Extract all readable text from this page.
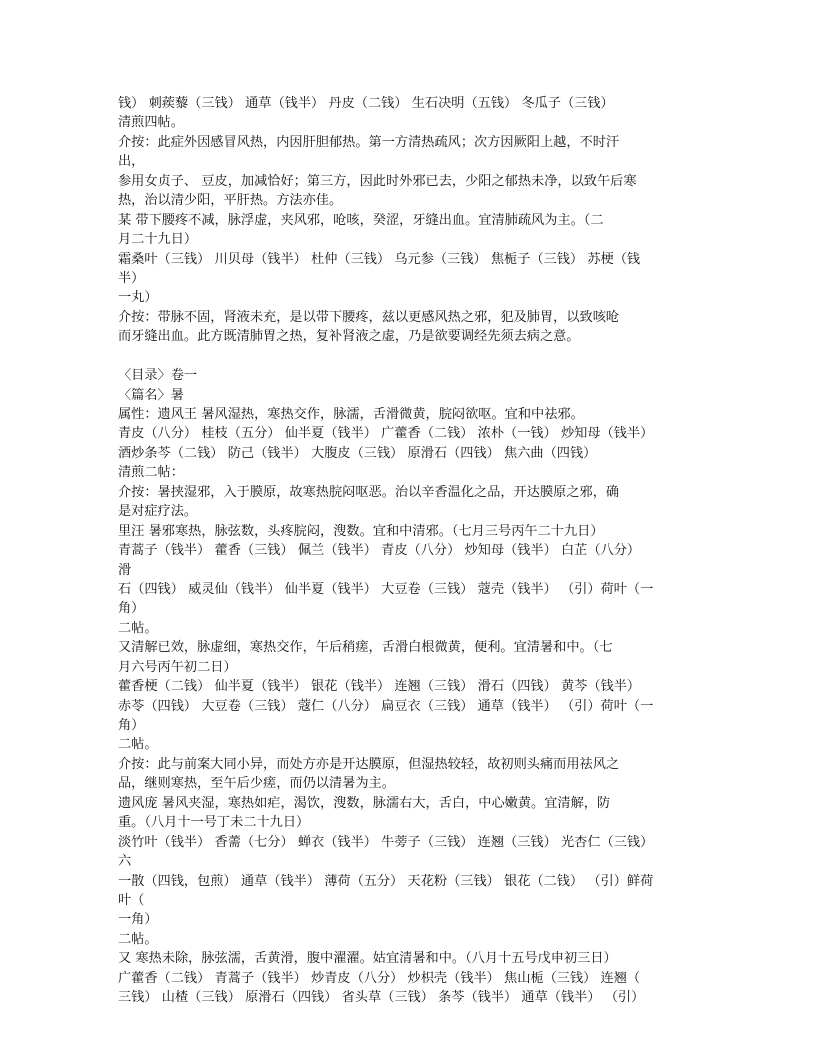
钱） 刺蒺藜（三钱） 通草（钱半） 丹皮（二钱） 生石决明（五钱） 冬瓜子（三钱）
清煎四帖。
介按：此症外因感冒风热，内因肝胆郁热。第一方清热疏风；次方因厥阳上越，不时汗
出，
参用女贞子、 豆皮，加减恰好；第三方，因此时外邪已去，少阳之郁热未净，以致午后寒
热，治以清少阳，平肝热。方法亦佳。
某 带下腰疼不减，脉浮虚，夹风邪，呛咳，癸涩，牙缝出血。宜清肺疏风为主。（二
月二十九日）
霜桑叶（三钱） 川贝母（钱半） 杜仲（三钱） 乌元参（三钱） 焦栀子（三钱） 苏梗（钱
半）
一丸）
介按：带脉不固，肾液未充，是以带下腰疼，兹以更感风热之邪，犯及肺胃，以致咳呛
而牙缝出血。此方既清肺胃之热，复补肾液之虚，乃是欲要调经先须去病之意。
〈目录〉卷一
〈篇名〉暑
属性：遗风王 暑风湿热，寒热交作，脉濡，舌滑微黄，脘闷欲呕。宜和中祛邪。
青皮（八分） 桂枝（五分） 仙半夏（钱半） 广藿香（二钱） 浓朴（一钱） 炒知母（钱半）
酒炒条芩（二钱） 防己（钱半） 大腹皮（三钱） 原滑石（四钱） 焦六曲（四钱）
清煎二帖：
介按：暑挟湿邪，入于膜原，故寒热脘闷呕恶。治以辛香温化之品，开达膜原之邪，确
是对症疗法。
里汪 暑邪寒热，脉弦数，头疼脘闷，溲数。宜和中清邪。（七月三号丙午二十九日）
青蒿子（钱半） 藿香（三钱） 佩兰（钱半） 青皮（八分） 炒知母（钱半） 白芷（八分）
滑
石（四钱） 威灵仙（钱半） 仙半夏（钱半） 大豆卷（三钱） 蔻壳（钱半） （引）荷叶（一
角）
二帖。
又清解已效，脉虚细，寒热交作，午后稍瘥，舌滑白根微黄，便利。宜清暑和中。（七
月六号丙午初二日）
藿香梗（二钱） 仙半夏（钱半） 银花（钱半） 连翘（三钱） 滑石（四钱） 黄芩（钱半）
赤苓（四钱） 大豆卷（三钱） 蔻仁（八分） 扁豆衣（三钱） 通草（钱半） （引）荷叶（一
角）
二帖。
介按：此与前案大同小异，而处方亦是开达膜原，但湿热较轻，故初则头痛而用祛风之
品，继则寒热，至午后少瘥，而仍以清暑为主。
遗风庞 暑风夹湿，寒热如疟，渴饮，溲数，脉濡右大，舌白，中心嫩黄。宜清解，防
重。（八月十一号丁未二十九日）
淡竹叶（钱半） 香薷（七分） 蝉衣（钱半） 牛蒡子（三钱） 连翘（三钱） 光杏仁（三钱）
六
一散（四钱，包煎） 通草（钱半） 薄荷（五分） 天花粉（三钱） 银花（二钱） （引）鲜荷
叶（
一角）
二帖。
又 寒热未除，脉弦濡，舌黄滑，腹中濯濯。姑宜清暑和中。（八月十五号戊申初三日）
广藿香（二钱） 青蒿子（钱半） 炒青皮（八分） 炒枳壳（钱半） 焦山栀（三钱） 连翘（
三钱） 山楂（三钱） 原滑石（四钱） 省头草（三钱） 条芩（钱半） 通草（钱半） （引）
